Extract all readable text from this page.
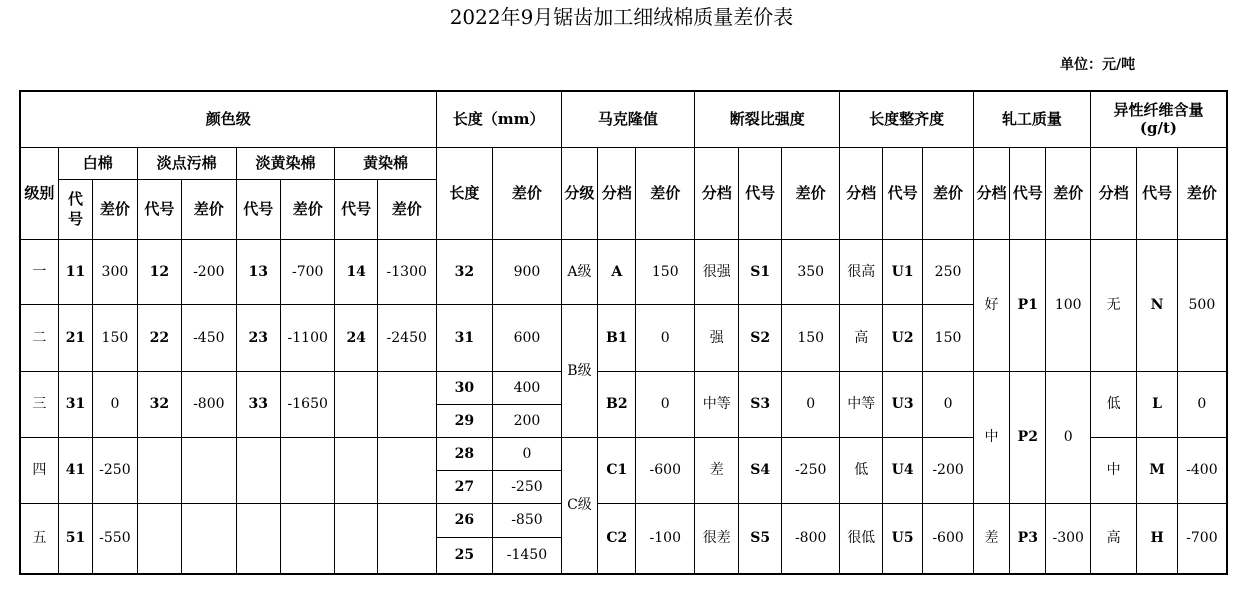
2022年9月锯齿加工细绒棉质量差价表
单位：元/吨
颜色级									长度（mm）		马克隆值			断裂比强度			长度整齐度			轧工质量			异性纤维含量
(g/t)		

级别	白棉		淡点污棉		淡黄染棉		黄染棉		长度	差价	分级	分档	差价	分档	代号	差价	分档	代号	差价	分档	代号	差价	分档	代号	差价

	代号	差价	代号	差价	代号	差价	代号	差价																	
一	11	300	12	-200	13	-700	14	-1300	32	900	A级	A	150	很强	S1	350	很高	U1	250	好	P1	100	无	N	500
二	21	150	22	-450	23	-1100	24	-2450	31	600	B级	B1	0	强	S2	150	高	U2	150						
三	31	0	32	-800	33	-1650			30	400		B2	0	中等	S3	0	中等	U3	0	中	P2	0	低	L	0
									29	200															
四	41	-250							28	0	C级	C1	-600	差	S4	-250	低	U4	-200				中	M	-400
									27	-250															
五	51	-550							26	-850		C2	-100	很差	S5	-800	很低	U5	-600	差	P3	-300	高	H	-700
									25	-1450															
